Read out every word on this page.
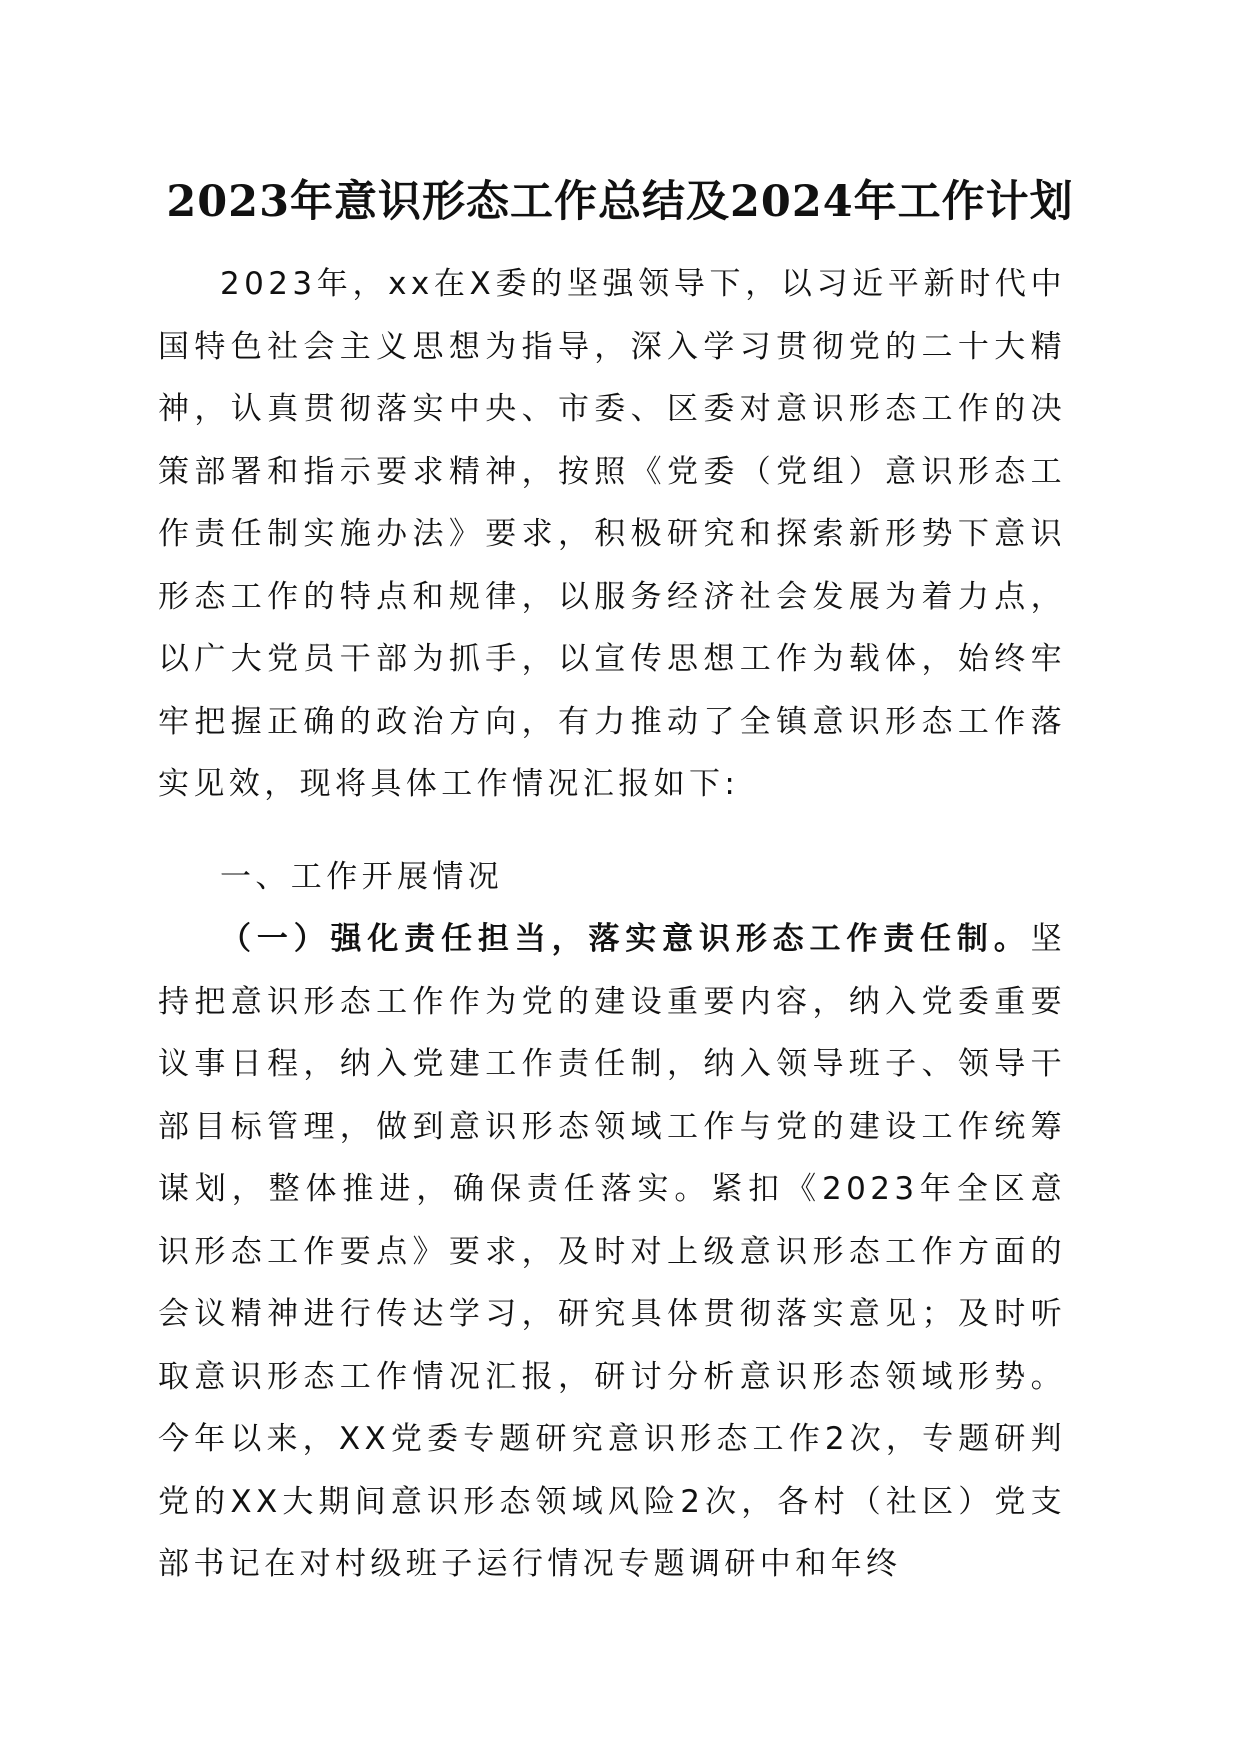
2023年意识形态工作总结及2024年工作计划

2023年，xx在X委的坚强领导下，以习近平新时代中国特色社会主义思想为指导，深入学习贯彻党的二十大精神，认真贯彻落实中央、市委、区委对意识形态工作的决策部署和指示要求精神，按照《党委（党组）意识形态工作责任制实施办法》要求，积极研究和探索新形势下意识形态工作的特点和规律，以服务经济社会发展为着力点，以广大党员干部为抓手，以宣传思想工作为载体，始终牢牢把握正确的政治方向，有力推动了全镇意识形态工作落实见效，现将具体工作情况汇报如下:

一、工作开展情况

（一）强化责任担当，落实意识形态工作责任制。坚持把意识形态工作作为党的建设重要内容，纳入党委重要议事日程，纳入党建工作责任制，纳入领导班子、领导干部目标管理，做到意识形态领域工作与党的建设工作统筹谋划，整体推进，确保责任落实。紧扣《2023年全区意识形态工作要点》要求，及时对上级意识形态工作方面的会议精神进行传达学习，研究具体贯彻落实意见；及时听取意识形态工作情况汇报，研讨分析意识形态领域形势。今年以来，XX党委专题研究意识形态工作2次，专题研判党的XX大期间意识形态领域风险2次，各村（社区）党支部书记在对村级班子运行情况专题调研中和年终
